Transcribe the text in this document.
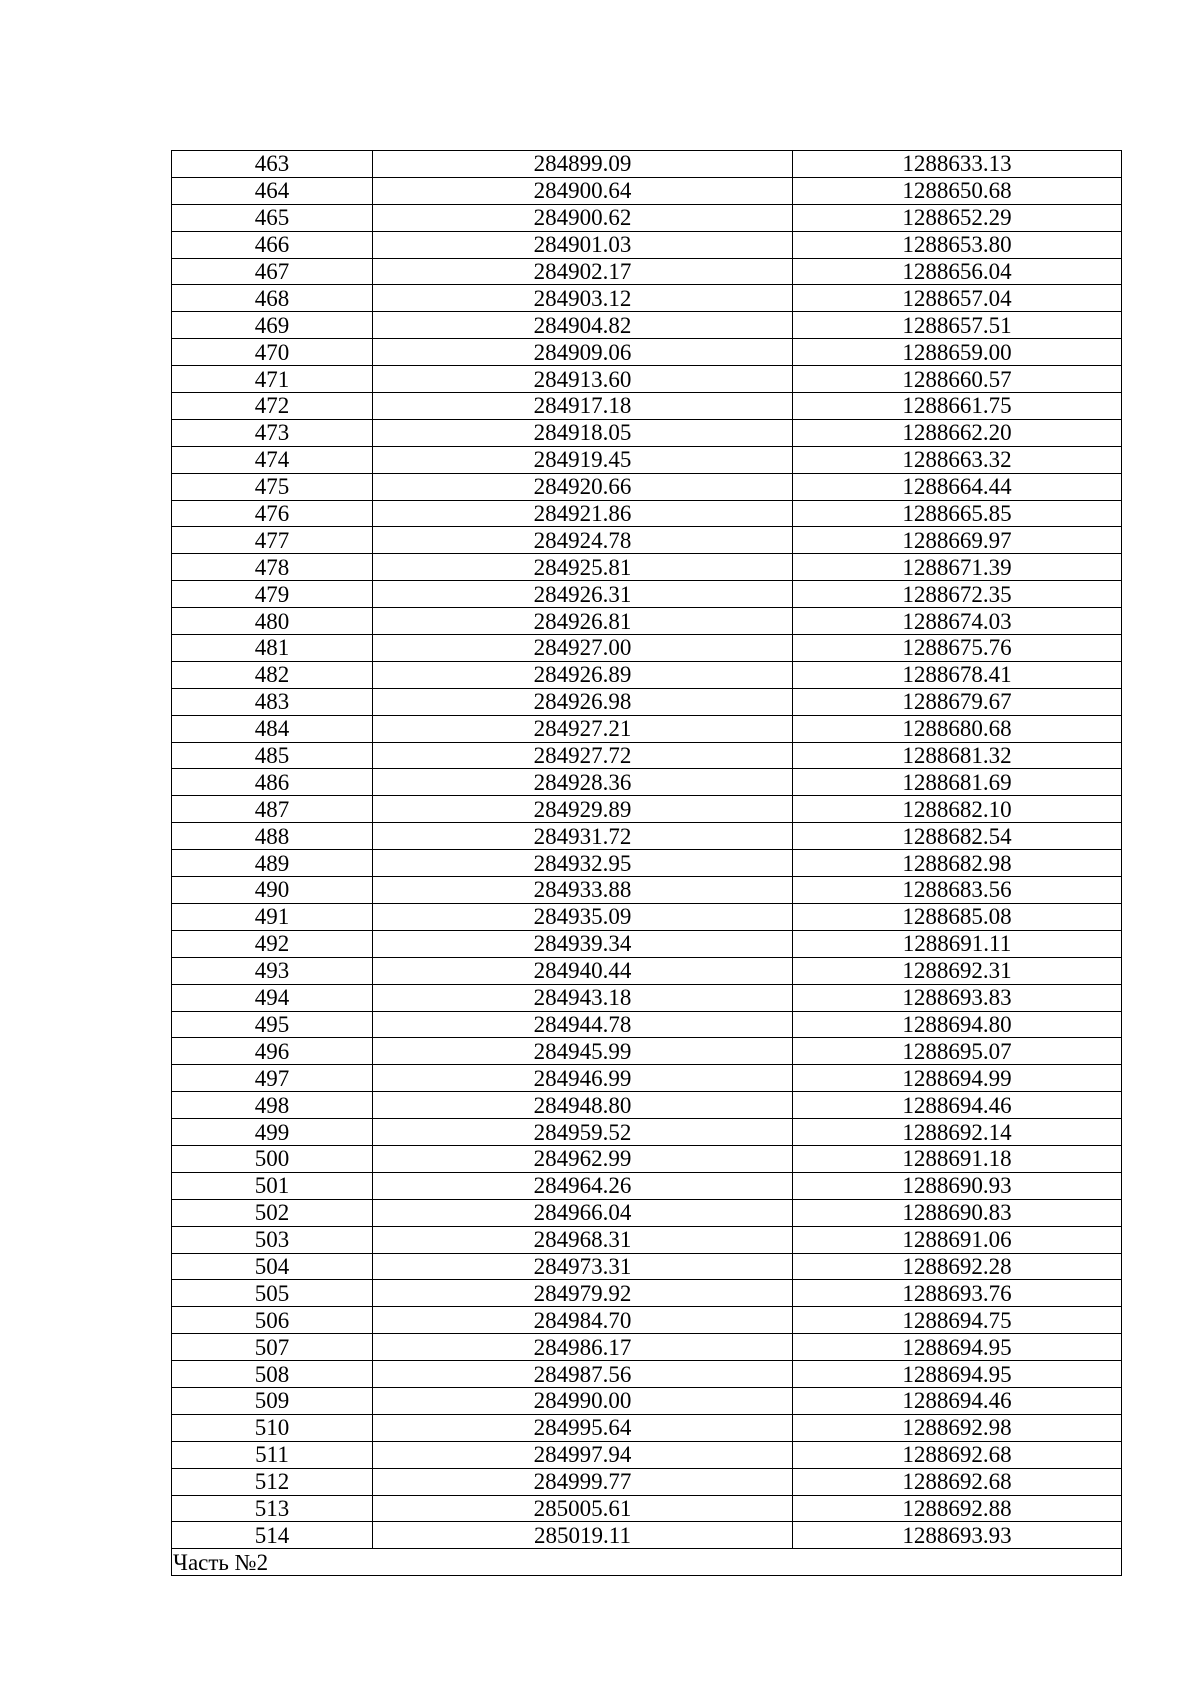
463	284899.09	1288633.13
464	284900.64	1288650.68
465	284900.62	1288652.29
466	284901.03	1288653.80
467	284902.17	1288656.04
468	284903.12	1288657.04
469	284904.82	1288657.51
470	284909.06	1288659.00
471	284913.60	1288660.57
472	284917.18	1288661.75
473	284918.05	1288662.20
474	284919.45	1288663.32
475	284920.66	1288664.44
476	284921.86	1288665.85
477	284924.78	1288669.97
478	284925.81	1288671.39
479	284926.31	1288672.35
480	284926.81	1288674.03
481	284927.00	1288675.76
482	284926.89	1288678.41
483	284926.98	1288679.67
484	284927.21	1288680.68
485	284927.72	1288681.32
486	284928.36	1288681.69
487	284929.89	1288682.10
488	284931.72	1288682.54
489	284932.95	1288682.98
490	284933.88	1288683.56
491	284935.09	1288685.08
492	284939.34	1288691.11
493	284940.44	1288692.31
494	284943.18	1288693.83
495	284944.78	1288694.80
496	284945.99	1288695.07
497	284946.99	1288694.99
498	284948.80	1288694.46
499	284959.52	1288692.14
500	284962.99	1288691.18
501	284964.26	1288690.93
502	284966.04	1288690.83
503	284968.31	1288691.06
504	284973.31	1288692.28
505	284979.92	1288693.76
506	284984.70	1288694.75
507	284986.17	1288694.95
508	284987.56	1288694.95
509	284990.00	1288694.46
510	284995.64	1288692.98
511	284997.94	1288692.68
512	284999.77	1288692.68
513	285005.61	1288692.88
514	285019.11	1288693.93
Часть №2		
